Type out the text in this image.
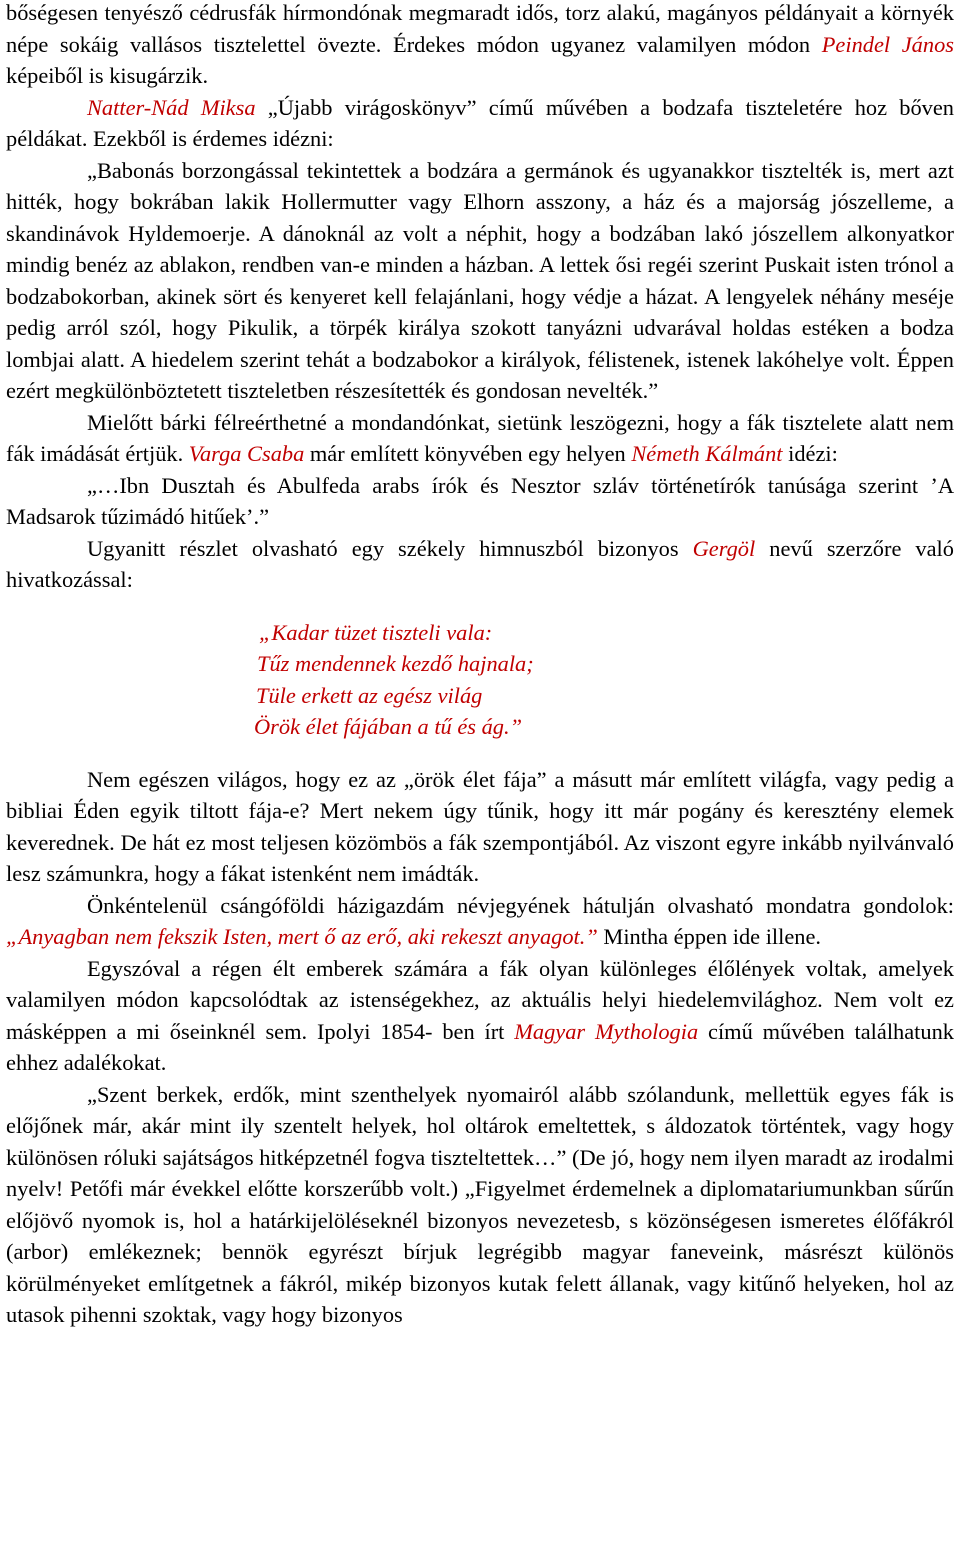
bőségesen tenyésző cédrusfák hírmondónak megmaradt idős, torz alakú, magányos példányait a környék népe sokáig vallásos tisztelettel övezte. Érdekes módon ugyanez valamilyen módon Peindel János képeiből is kisugárzik.

Natter-Nád Miksa „Újabb virágoskönyv” című művében a bodzafa tiszteletére hoz bőven példákat. Ezekből is érdemes idézni:

„Babonás borzongással tekintettek a bodzára a germánok és ugyanakkor tisztelték is, mert azt hitték, hogy bokrában lakik Hollermutter vagy Elhorn asszony, a ház és a majorság jószelleme, a skandinávok Hyldemoerje. A dánoknál az volt a néphit, hogy a bodzában lakó jószellem alkonyatkor mindig benéz az ablakon, rendben van-e minden a házban. A lettek ősi regéi szerint Puskait isten trónol a bodzabokorban, akinek sört és kenyeret kell felajánlani, hogy védje a házat. A lengyelek néhány meséje pedig arról szól, hogy Pikulik, a törpék királya szokott tanyázni udvarával holdas estéken a bodza lombjai alatt. A hiedelem szerint tehát a bodzabokor a királyok, félistenek, istenek lakóhelye volt. Éppen ezért megkülönböztetett tiszteletben részesítették és gondosan nevelték.”

Mielőtt bárki félreérthetné a mondandónkat, sietünk leszögezni, hogy a fák tisztelete alatt nem fák imádását értjük. Varga Csaba már említett könyvében egy helyen Németh Kálmánt idézi:

„…Ibn Dusztah és Abulfeda arabs írók és Nesztor szláv történetírók tanúsága szerint ’A Madsarok tűzimádó hitűek’.”

Ugyanitt részlet olvasható egy székely himnuszból bizonyos Gergöl nevű szerzőre való hivatkozással:

„Kadar tüzet tiszteli vala:
Tűz mendennek kezdő hajnala;
Tüle erkett az egész világ
Örök élet fájában a tű és ág.”

Nem egészen világos, hogy ez az „örök élet fája” a másutt már említett világfa, vagy pedig a bibliai Éden egyik tiltott fája-e? Mert nekem úgy tűnik, hogy itt már pogány és keresztény elemek keverednek. De hát ez most teljesen közömbös a fák szempontjából. Az viszont egyre inkább nyilvánvaló lesz számunkra, hogy a fákat istenként nem imádták.

Önkéntelenül csángóföldi házigazdám névjegyének hátulján olvasható mondatra gondolok: „Anyagban nem fekszik Isten, mert ő az erő, aki rekeszt anyagot.” Mintha éppen ide illene.

Egyszóval a régen élt emberek számára a fák olyan különleges élőlények voltak, amelyek valamilyen módon kapcsolódtak az istenségekhez, az aktuális helyi hiedelemvilághoz. Nem volt ez másképpen a mi őseinknél sem. Ipolyi 1854- ben írt Magyar Mythologia című művében találhatunk ehhez adalékokat.

„Szent berkek, erdők, mint szenthelyek nyomairól alább szólandunk, mellettük egyes fák is előjőnek már, akár mint ily szentelt helyek, hol oltárok emeltettek, s áldozatok történtek, vagy hogy különösen róluki sajátságos hitképzetnél fogva tiszteltettek…” (De jó, hogy nem ilyen maradt az irodalmi nyelv! Petőfi már évekkel előtte korszerűbb volt.) „Figyelmet érdemelnek a diplomatariumunkban sűrűn előjövő nyomok is, hol a határkijelöléseknél bizonyos nevezetesb, s közönségesen ismeretes élőfákról (arbor) emlékeznek; bennök egyrészt bírjuk legrégibb magyar faneveink, másrészt különös körülményeket említgetnek a fákról, mikép bizonyos kutak felett állanak, vagy kitűnő helyeken, hol az utasok pihenni szoktak, vagy hogy bizonyos
